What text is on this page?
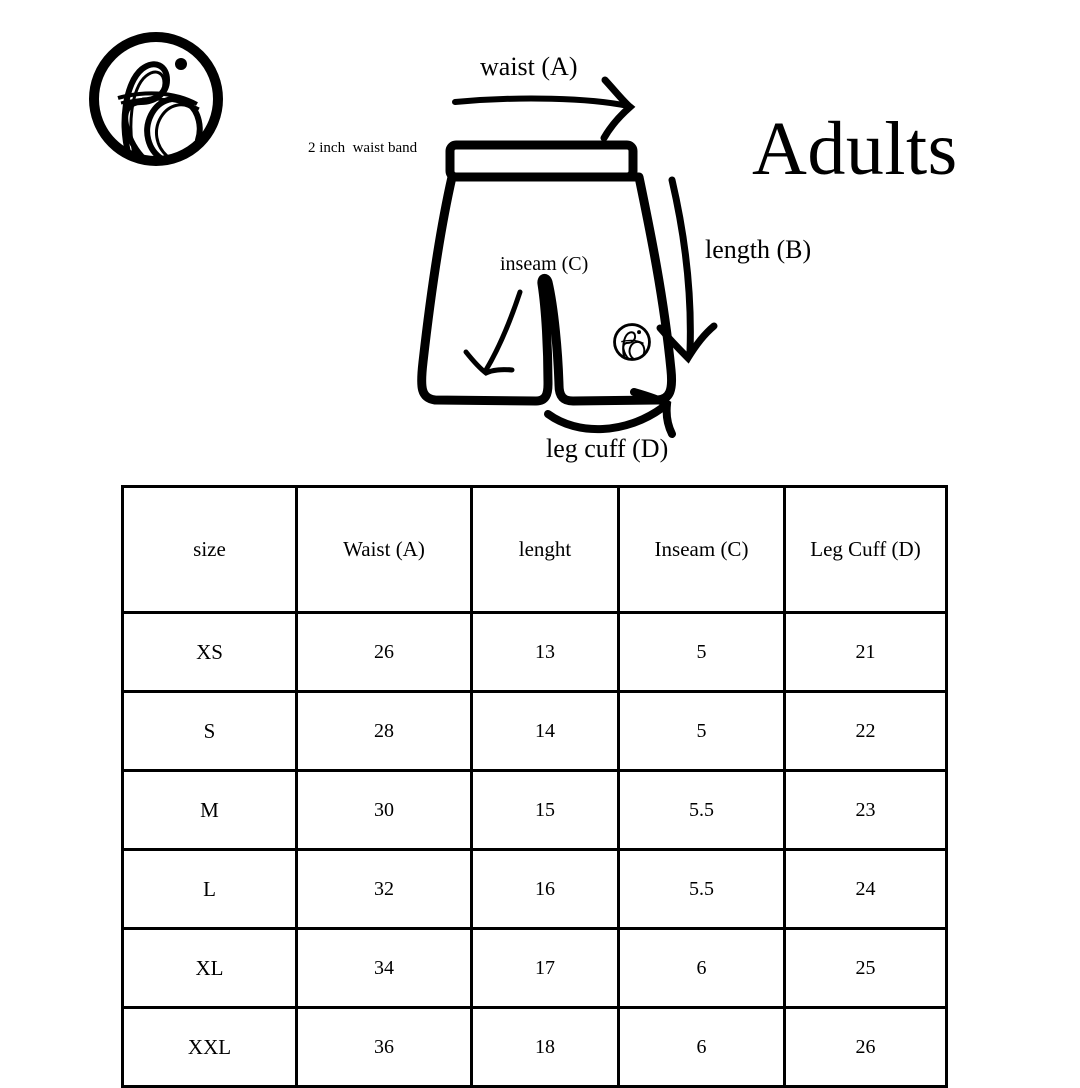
Adults
waist (A)
2 inch  waist band
length (B)
inseam (C)
leg cuff (D)
size	Waist (A)	lenght	Inseam (C)	Leg Cuff (D)
XS	26	13	5	21
S	28	14	5	22
M	30	15	5.5	23
L	32	16	5.5	24
XL	34	17	6	25
XXL	36	18	6	26
